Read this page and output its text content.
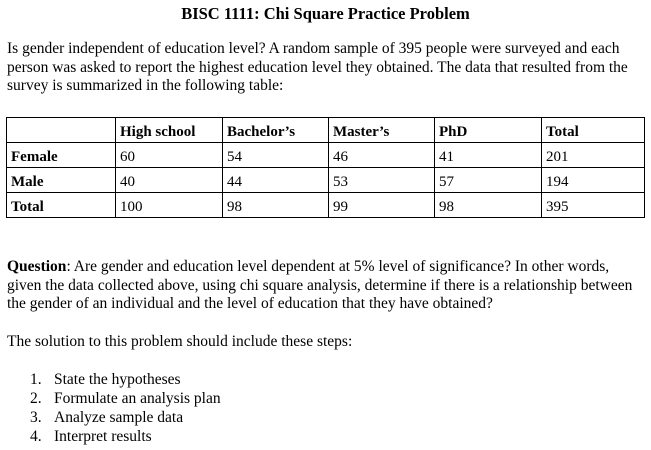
BISC 1111: Chi Square Practice Problem
Is gender independent of education level? A random sample of 395 people were surveyed and each person was asked to report the highest education level they obtained. The data that resulted from the survey is summarized in the following table:
	High school	Bachelor’s	Master’s	PhD	Total
Female	60	54	46	41	201
Male	40	44	53	57	194
Total	100	98	99	98	395
Question: Are gender and education level dependent at 5% level of significance? In other words, given the data collected above, using chi square analysis, determine if there is a relationship between the gender of an individual and the level of education that they have obtained?
The solution to this problem should include these steps:
1. State the hypotheses
2. Formulate an analysis plan
3. Analyze sample data
4. Interpret results
